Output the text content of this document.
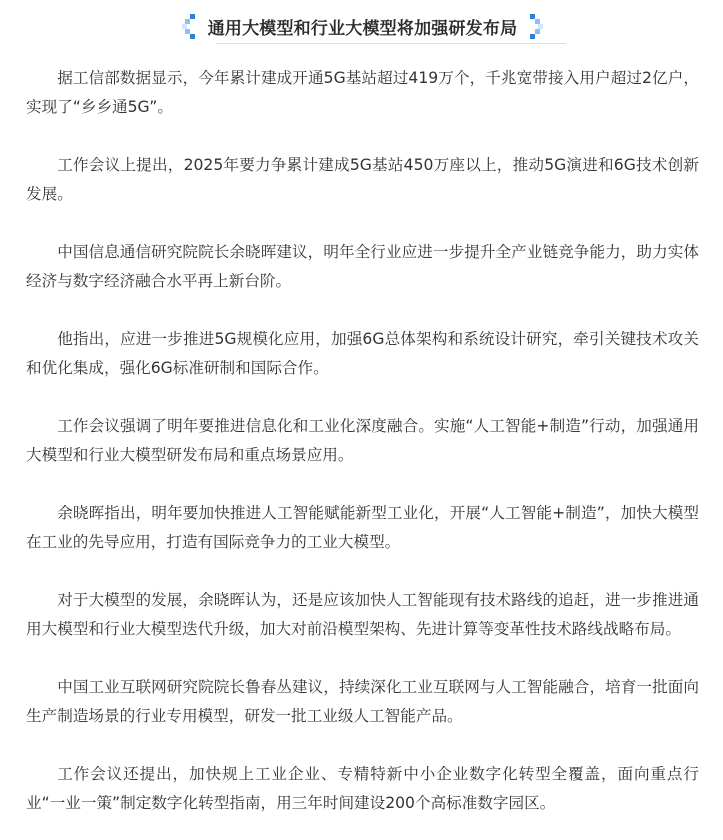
通用大模型和行业大模型将加强研发布局

据工信部数据显示，今年累计建成开通5G基站超过419万个，千兆宽带接入用户超过2亿户，实现了“乡乡通5G”。

工作会议上提出，2025年要力争累计建成5G基站450万座以上，推动5G演进和6G技术创新发展。

中国信息通信研究院院长余晓晖建议，明年全行业应进一步提升全产业链竞争能力，助力实体经济与数字经济融合水平再上新台阶。

他指出，应进一步推进5G规模化应用，加强6G总体架构和系统设计研究，牵引关键技术攻关和优化集成，强化6G标准研制和国际合作。

工作会议强调了明年要推进信息化和工业化深度融合。实施“人工智能+制造”行动，加强通用大模型和行业大模型研发布局和重点场景应用。

余晓晖指出，明年要加快推进人工智能赋能新型工业化，开展“人工智能+制造”，加快大模型在工业的先导应用，打造有国际竞争力的工业大模型。

对于大模型的发展，余晓晖认为，还是应该加快人工智能现有技术路线的追赶，进一步推进通用大模型和行业大模型迭代升级，加大对前沿模型架构、先进计算等变革性技术路线战略布局。

中国工业互联网研究院院长鲁春丛建议，持续深化工业互联网与人工智能融合，培育一批面向生产制造场景的行业专用模型，研发一批工业级人工智能产品。

工作会议还提出，加快规上工业企业、专精特新中小企业数字化转型全覆盖，面向重点行业“一业一策”制定数字化转型指南，用三年时间建设200个高标准数字园区。
